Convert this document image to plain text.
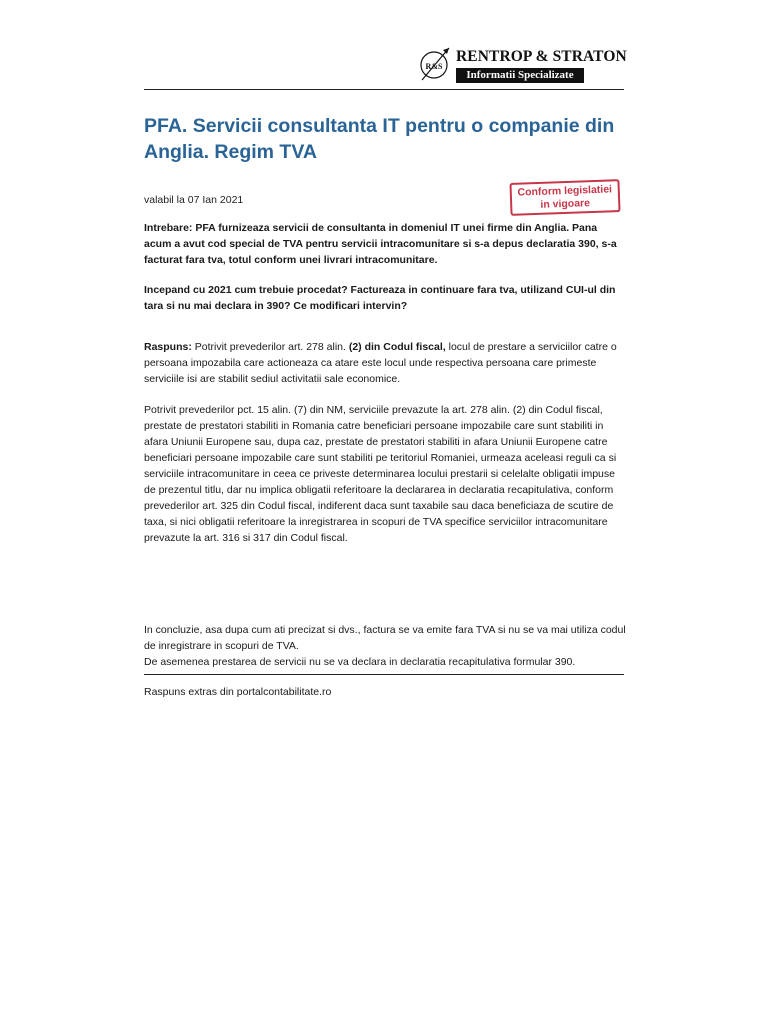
R&S
RENTROP & STRATON
Informatii Specializate
PFA. Servicii consultanta IT pentru o companie din Anglia. Regim TVA
valabil la 07 Ian 2021
Conform legislatiei
in vigoare

Intrebare: PFA furnizeaza servicii de consultanta in domeniul IT unei firme din Anglia. Pana acum a avut cod special de TVA pentru servicii intracomunitare si s-a depus declaratia 390, s-a facturat fara tva, totul conform unei livrari intracomunitare.

Incepand cu 2021 cum trebuie procedat? Factureaza in continuare fara tva, utilizand CUI-ul din tara si nu mai declara in 390? Ce modificari intervin?

Raspuns: Potrivit prevederilor art. 278 alin. (2) din Codul fiscal, locul de prestare a serviciilor catre o persoana impozabila care actioneaza ca atare este locul unde respectiva persoana care primeste serviciile isi are stabilit sediul activitatii sale economice.

Potrivit prevederilor pct. 15 alin. (7) din NM, serviciile prevazute la art. 278 alin. (2) din Codul fiscal, prestate de prestatori stabiliti in Romania catre beneficiari persoane impozabile care sunt stabiliti in afara Uniunii Europene sau, dupa caz, prestate de prestatori stabiliti in afara Uniunii Europene catre beneficiari persoane impozabile care sunt stabiliti pe teritoriul Romaniei, urmeaza aceleasi reguli ca si serviciile intracomunitare in ceea ce priveste determinarea locului prestarii si celelalte obligatii impuse de prezentul titlu, dar nu implica obligatii referitoare la declararea in declaratia recapitulativa, conform prevederilor art. 325 din Codul fiscal, indiferent daca sunt taxabile sau daca beneficiaza de scutire de taxa, si nici obligatii referitoare la inregistrarea in scopuri de TVA specifice serviciilor intracomunitare prevazute la art. 316 si 317 din Codul fiscal.

In concluzie, asa dupa cum ati precizat si dvs., factura se va emite fara TVA si nu se va mai utiliza codul de inregistrare in scopuri de TVA.

De asemenea prestarea de servicii nu se va declara in declaratia recapitulativa formular 390.

Raspuns extras din portalcontabilitate.ro
